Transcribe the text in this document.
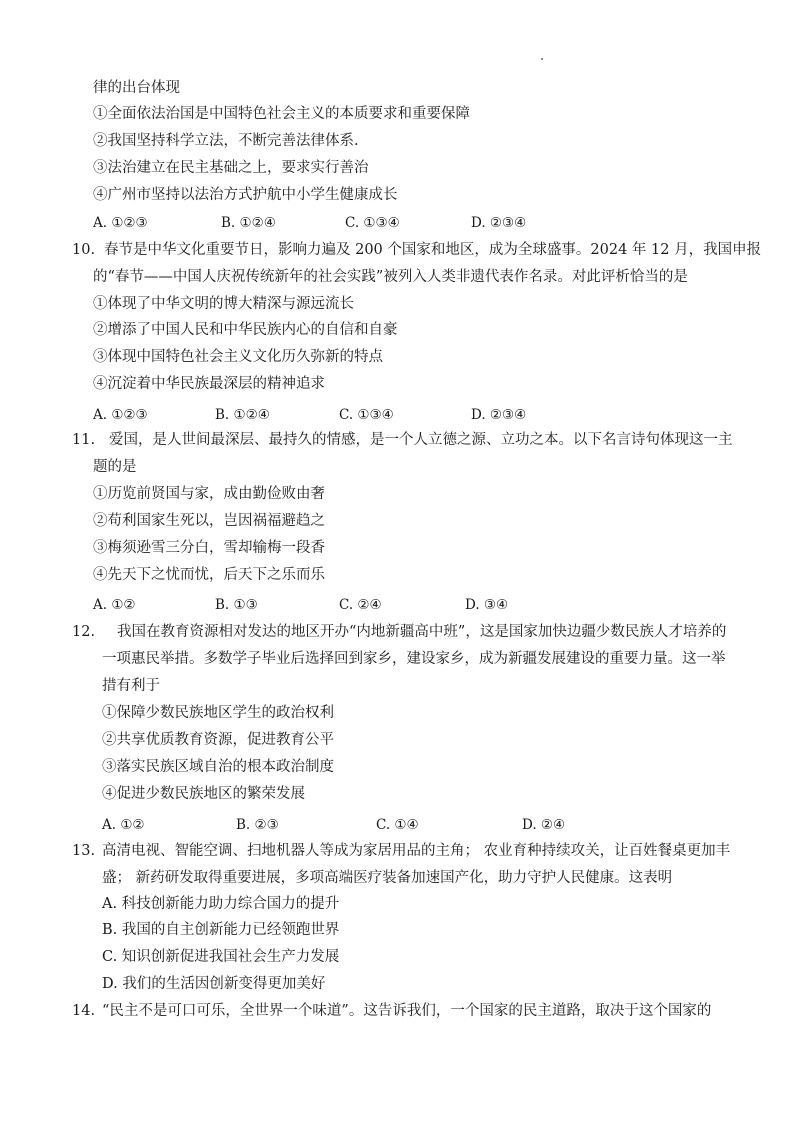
律的出台体现
①全面依法治国是中国特色社会主义的本质要求和重要保障
②我国坚持科学立法，不断完善法律体系.
③法治建立在民主基础之上，要求实行善治
④广州市坚持以法治方式护航中小学生健康成长
A. ①②③	B. ①②④	C. ①③④	D. ②③④
10. 春节是中华文化重要节日，影响力遍及 200 个国家和地区，成为全球盛事。2024 年 12 月，我国申报
的“春节——中国人庆祝传统新年的社会实践”被列入人类非遗代表作名录。对此评析恰当的是
①体现了中华文明的博大精深与源远流长
②增添了中国人民和中华民族内心的自信和自豪
③体现中国特色社会主义文化历久弥新的特点
④沉淀着中华民族最深层的精神追求
A. ①②③	B. ①②④	C. ①③④	D. ②③④
11. 爱国，是人世间最深层、最持久的情感，是一个人立德之源、立功之本。以下名言诗句体现这一主
题的是
①历览前贤国与家，成由勤俭败由奢
②苟利国家生死以，岂因祸福避趋之
③梅须逊雪三分白，雪却输梅一段香
④先天下之忧而忧，后天下之乐而乐
A. ①②	B. ①③	C. ②④	D. ③④
12. 我国在教育资源相对发达的地区开办“内地新疆高中班”，这是国家加快边疆少数民族人才培养的
一项惠民举措。多数学子毕业后选择回到家乡，建设家乡，成为新疆发展建设的重要力量。这一举
措有利于
①保障少数民族地区学生的政治权利
②共享优质教育资源，促进教育公平
③落实民族区域自治的根本政治制度
④促进少数民族地区的繁荣发展
A. ①②	B. ②③	C. ①④	D. ②④
13. 高清电视、智能空调、扫地机器人等成为家居用品的主角； 农业育种持续攻关，让百姓餐桌更加丰
盛； 新药研发取得重要进展，多项高端医疗装备加速国产化，助力守护人民健康。这表明
A. 科技创新能力助力综合国力的提升
B. 我国的自主创新能力已经领跑世界
C. 知识创新促进我国社会生产力发展
D. 我们的生活因创新变得更加美好
14. “民主不是可口可乐，全世界一个味道”。这告诉我们，一个国家的民主道路，取决于这个国家的
